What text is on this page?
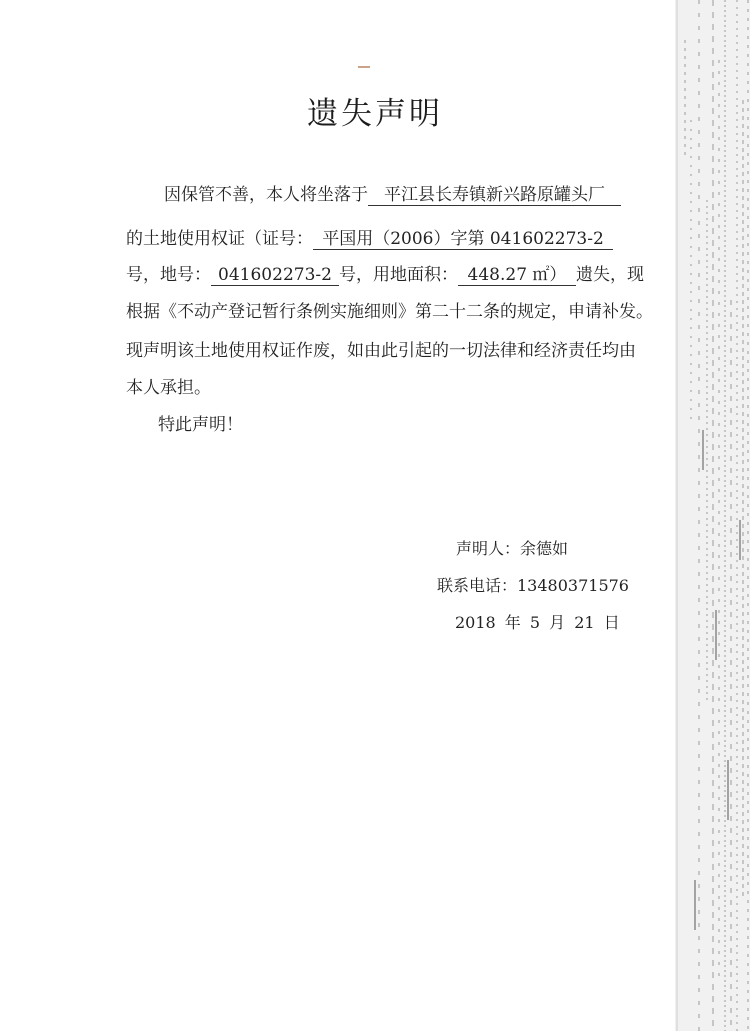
遗失声明
因保管不善，本人将坐落于 平江县长寿镇新兴路原罐头厂
的土地使用权证（证号： 平国用（2006）字第 041602273-2
号，地号： 041602273-2 号，用地面积： 448.27 ㎡） 遗失，现
根据《不动产登记暂行条例实施细则》第二十二条的规定，申请补发。
现声明该土地使用权证作废，如由此引起的一切法律和经济责任均由
本人承担。
特此声明！
声明人：余德如
联系电话：13480371576
2018 年 5 月 21 日
